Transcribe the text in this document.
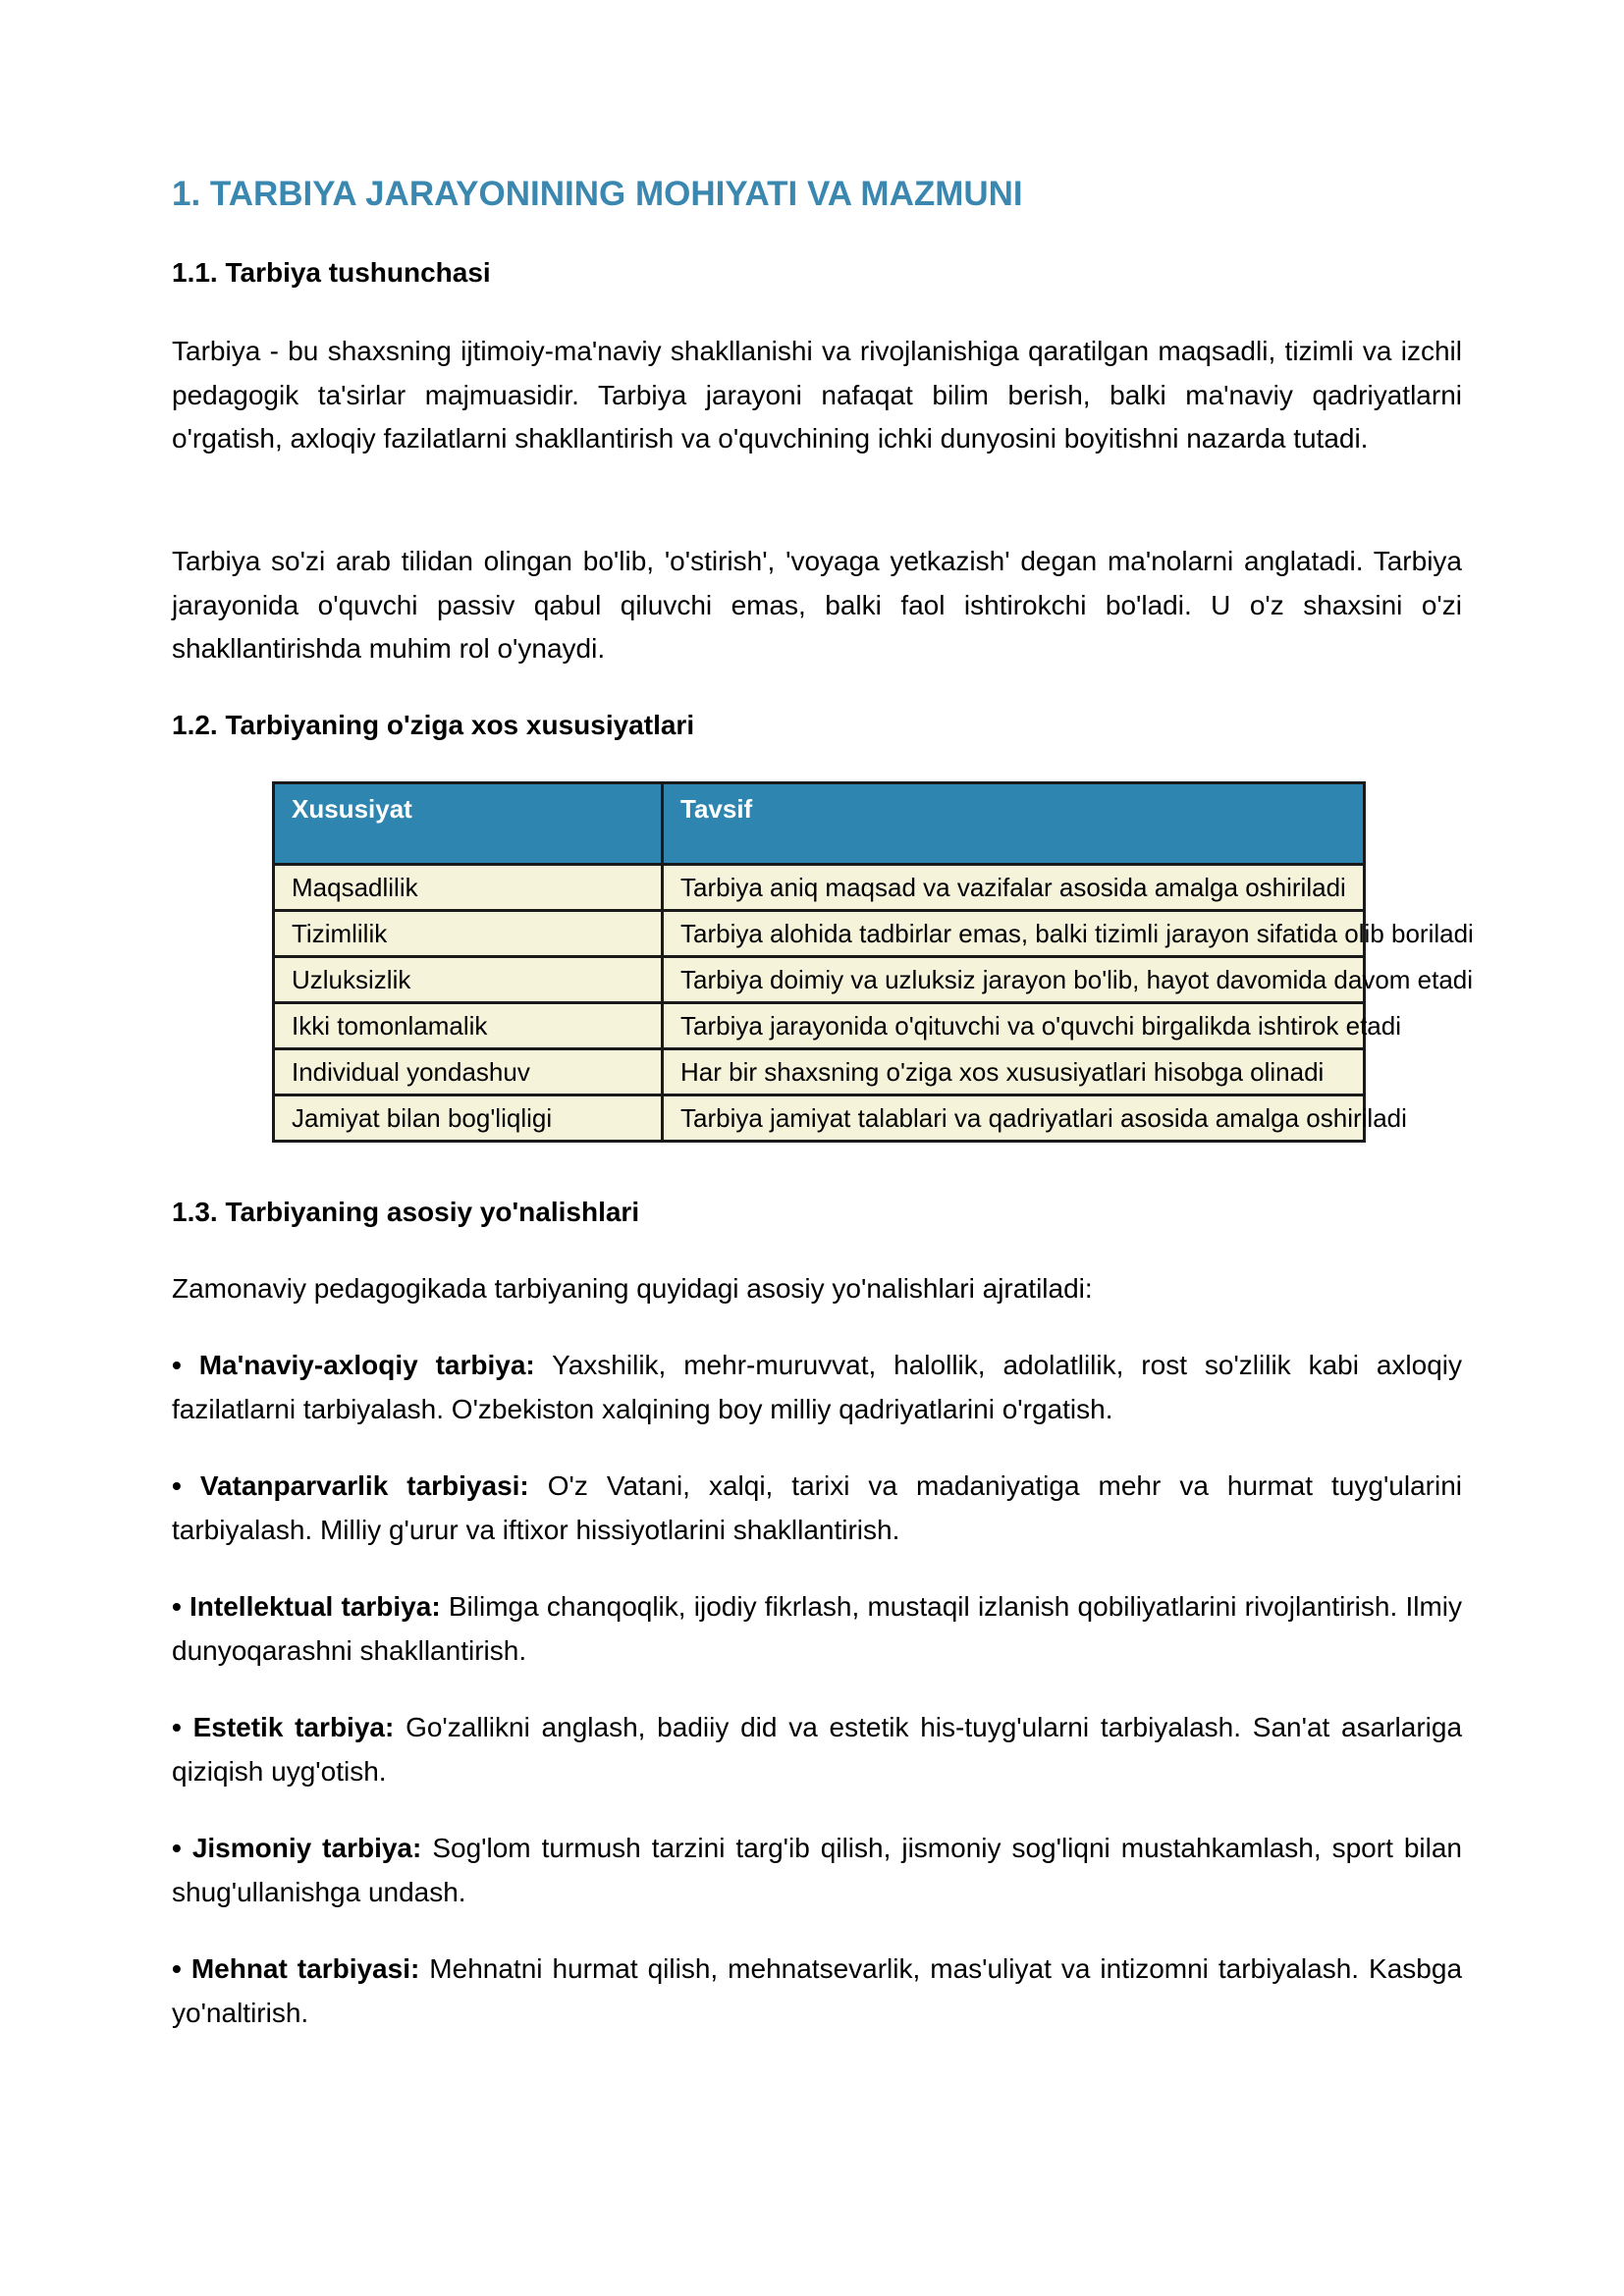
1. TARBIYA JARAYONINING MOHIYATI VA MAZMUNI
1.1. Tarbiya tushunchasi
Tarbiya - bu shaxsning ijtimoiy-ma'naviy shakllanishi va rivojlanishiga qaratilgan maqsadli, tizimli va izchil pedagogik ta'sirlar majmuasidir. Tarbiya jarayoni nafaqat bilim berish, balki ma'naviy qadriyatlarni o'rgatish, axloqiy fazilatlarni shakllantirish va o'quvchining ichki dunyosini boyitishni nazarda tutadi.
Tarbiya so'zi arab tilidan olingan bo'lib, 'o'stirish', 'voyaga yetkazish' degan ma'nolarni anglatadi. Tarbiya jarayonida o'quvchi passiv qabul qiluvchi emas, balki faol ishtirokchi bo'ladi. U o'z shaxsini o'zi shakllantirishda muhim rol o'ynaydi.
1.2. Tarbiyaning o'ziga xos xususiyatlari
Xususiyat	Tavsif
Maqsadlilik	Tarbiya aniq maqsad va vazifalar asosida amalga oshiriladi
Tizimlilik	Tarbiya alohida tadbirlar emas, balki tizimli jarayon sifatida olib boriladi
Uzluksizlik	Tarbiya doimiy va uzluksiz jarayon bo'lib, hayot davomida davom etadi
Ikki tomonlamalik	Tarbiya jarayonida o'qituvchi va o'quvchi birgalikda ishtirok etadi
Individual yondashuv	Har bir shaxsning o'ziga xos xususiyatlari hisobga olinadi
Jamiyat bilan bog'liqligi	Tarbiya jamiyat talablari va qadriyatlari asosida amalga oshiriladi
1.3. Tarbiyaning asosiy yo'nalishlari
Zamonaviy pedagogikada tarbiyaning quyidagi asosiy yo'nalishlari ajratiladi:
• Ma'naviy-axloqiy tarbiya: Yaxshilik, mehr-muruvvat, halollik, adolatlilik, rost so'zlilik kabi axloqiy fazilatlarni tarbiyalash. O'zbekiston xalqining boy milliy qadriyatlarini o'rgatish.
• Vatanparvarlik tarbiyasi: O'z Vatani, xalqi, tarixi va madaniyatiga mehr va hurmat tuyg'ularini tarbiyalash. Milliy g'urur va iftixor hissiyotlarini shakllantirish.
• Intellektual tarbiya: Bilimga chanqoqlik, ijodiy fikrlash, mustaqil izlanish qobiliyatlarini rivojlantirish. Ilmiy dunyoqarashni shakllantirish.
• Estetik tarbiya: Go'zallikni anglash, badiiy did va estetik his-tuyg'ularni tarbiyalash. San'at asarlariga qiziqish uyg'otish.
• Jismoniy tarbiya: Sog'lom turmush tarzini targ'ib qilish, jismoniy sog'liqni mustahkamlash, sport bilan shug'ullanishga undash.
• Mehnat tarbiyasi: Mehnatni hurmat qilish, mehnatsevarlik, mas'uliyat va intizomni tarbiyalash. Kasbga yo'naltirish.
